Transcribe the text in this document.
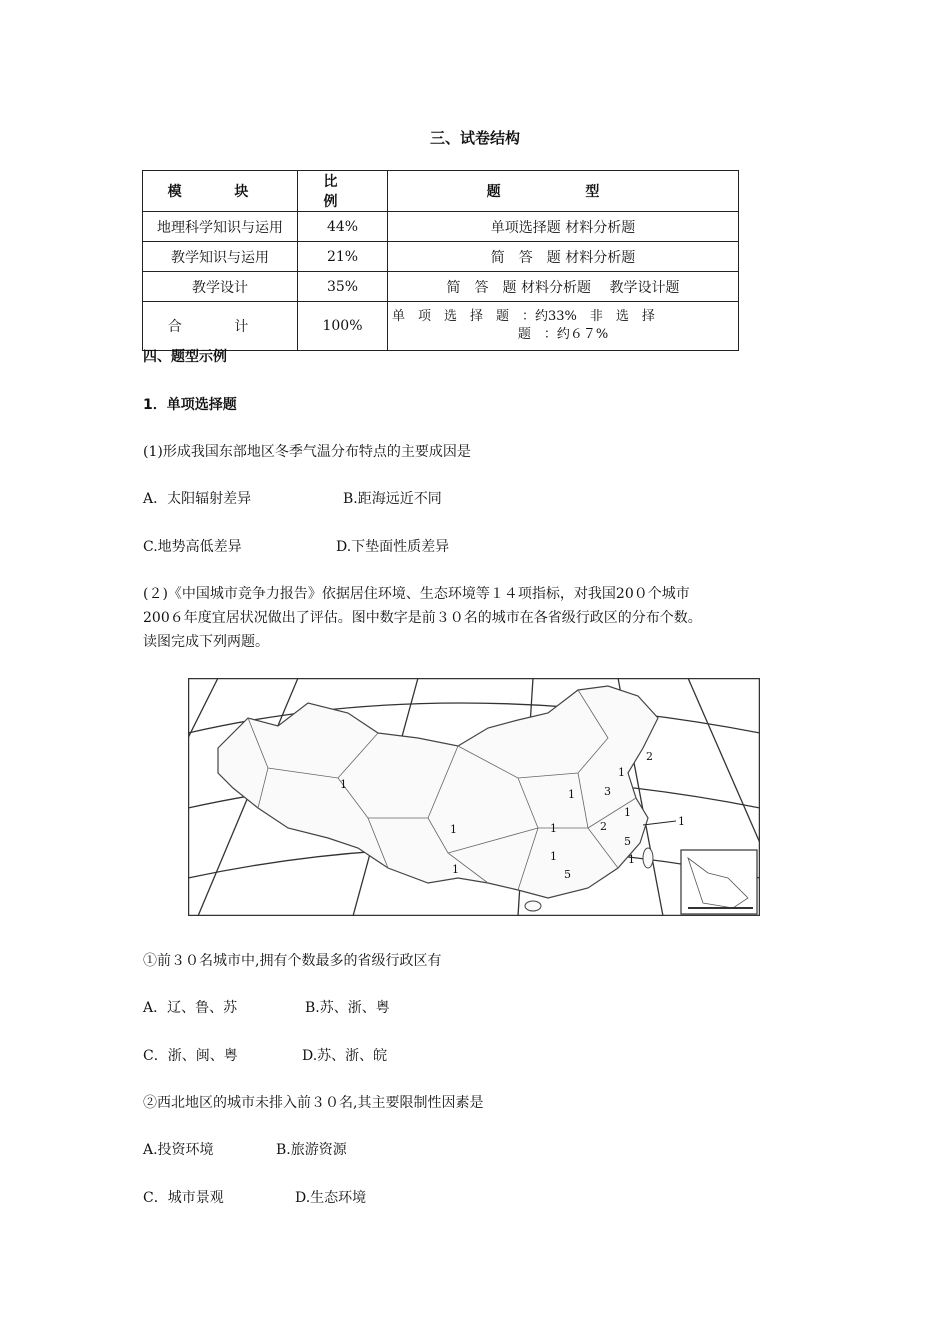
三、试卷结构
模 块	比 例	题 型
地理科学知识与运用	44%	单项选择题 材料分析题
教学知识与运用	21%	简　答　题 材料分析题
教学设计	35%	简　答　题 材料分析题　 教学设计题
合 计	100%	单　项　选　择　题　：约33%　非　选　择
题　：约６７%
四、题型示例
1．单项选择题
(1)形成我国东部地区冬季气温分布特点的主要成因是
A．太阳辐射差异	B.距海远近不同
C.地势高低差异	D.下垫面性质差异
(２)《中国城市竞争力报告》依据居住环境、生态环境等１４项指标，对我国20０个城市
200６年度宜居状况做出了评估。图中数字是前３０名的城市在各省级行政区的分布个数。
读图完成下列两题。
1
2
1
3
1
1
2
5
1
1
1
5
1
1
1
①前３０名城市中,拥有个数最多的省级行政区有
A．辽、鲁、苏	B.苏、浙、粤
C．浙、闽、粤	D.苏、浙、皖
②西北地区的城市未排入前３０名,其主要限制性因素是
A.投资环境	B.旅游资源
C．城市景观	D.生态环境
